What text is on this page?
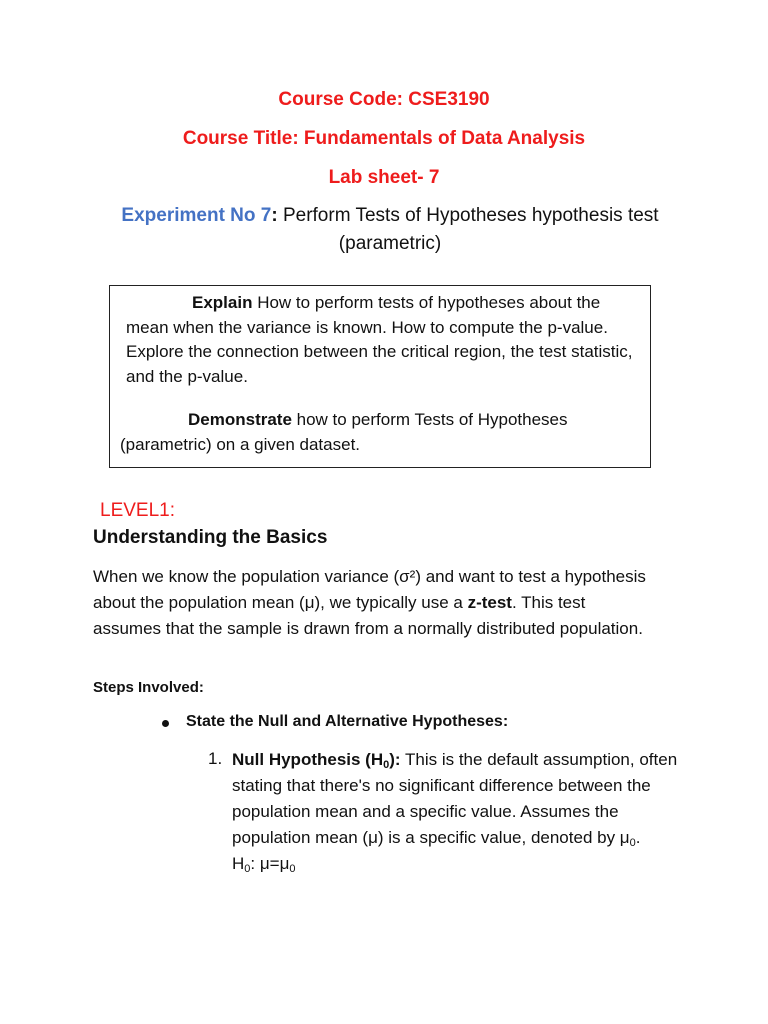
Course Code: CSE3190
Course Title: Fundamentals of Data Analysis
Lab sheet- 7
Experiment No 7: Perform Tests of Hypotheses hypothesis test (parametric)

Explain How to perform tests of hypotheses about the mean when the variance is known. How to compute the p-value. Explore the connection between the critical region, the test statistic, and the p-value.

Demonstrate how to perform Tests of Hypotheses (parametric) on a given dataset.

LEVEL1:
Understanding the Basics

When we know the population variance (σ²) and want to test a hypothesis about the population mean (μ), we typically use a z-test. This test assumes that the sample is drawn from a normally distributed population.

Steps Involved:
State the Null and Alternative Hypotheses:
1. Null Hypothesis $(H_0)$: This is the default assumption, often stating that there's no significant difference between the population mean and a specific value. Assumes the population mean (μ) is a specific value, denoted by $\mu_0$.
$H_0$: $\mu=\mu_0$
